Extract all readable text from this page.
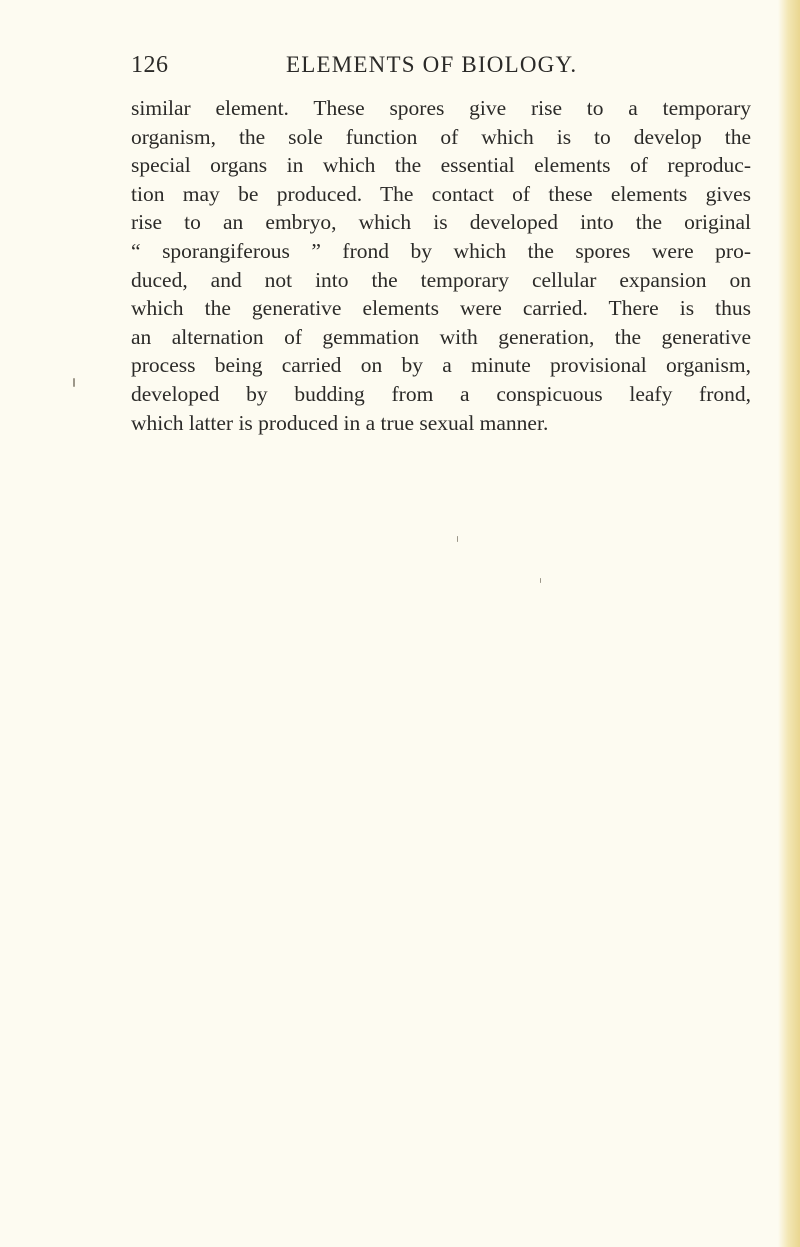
126	ELEMENTS OF BIOLOGY.
similar element. These spores give rise to a temporary
organism, the sole function of which is to develop the
special organs in which the essential elements of reproduc-
tion may be produced. The contact of these elements gives
rise to an embryo, which is developed into the original
“ sporangiferous ” frond by which the spores were pro-
duced, and not into the temporary cellular expansion on
which the generative elements were carried. There is thus
an alternation of gemmation with generation, the generative
process being carried on by a minute provisional organism,
developed by budding from a conspicuous leafy frond,
which latter is produced in a true sexual manner.
